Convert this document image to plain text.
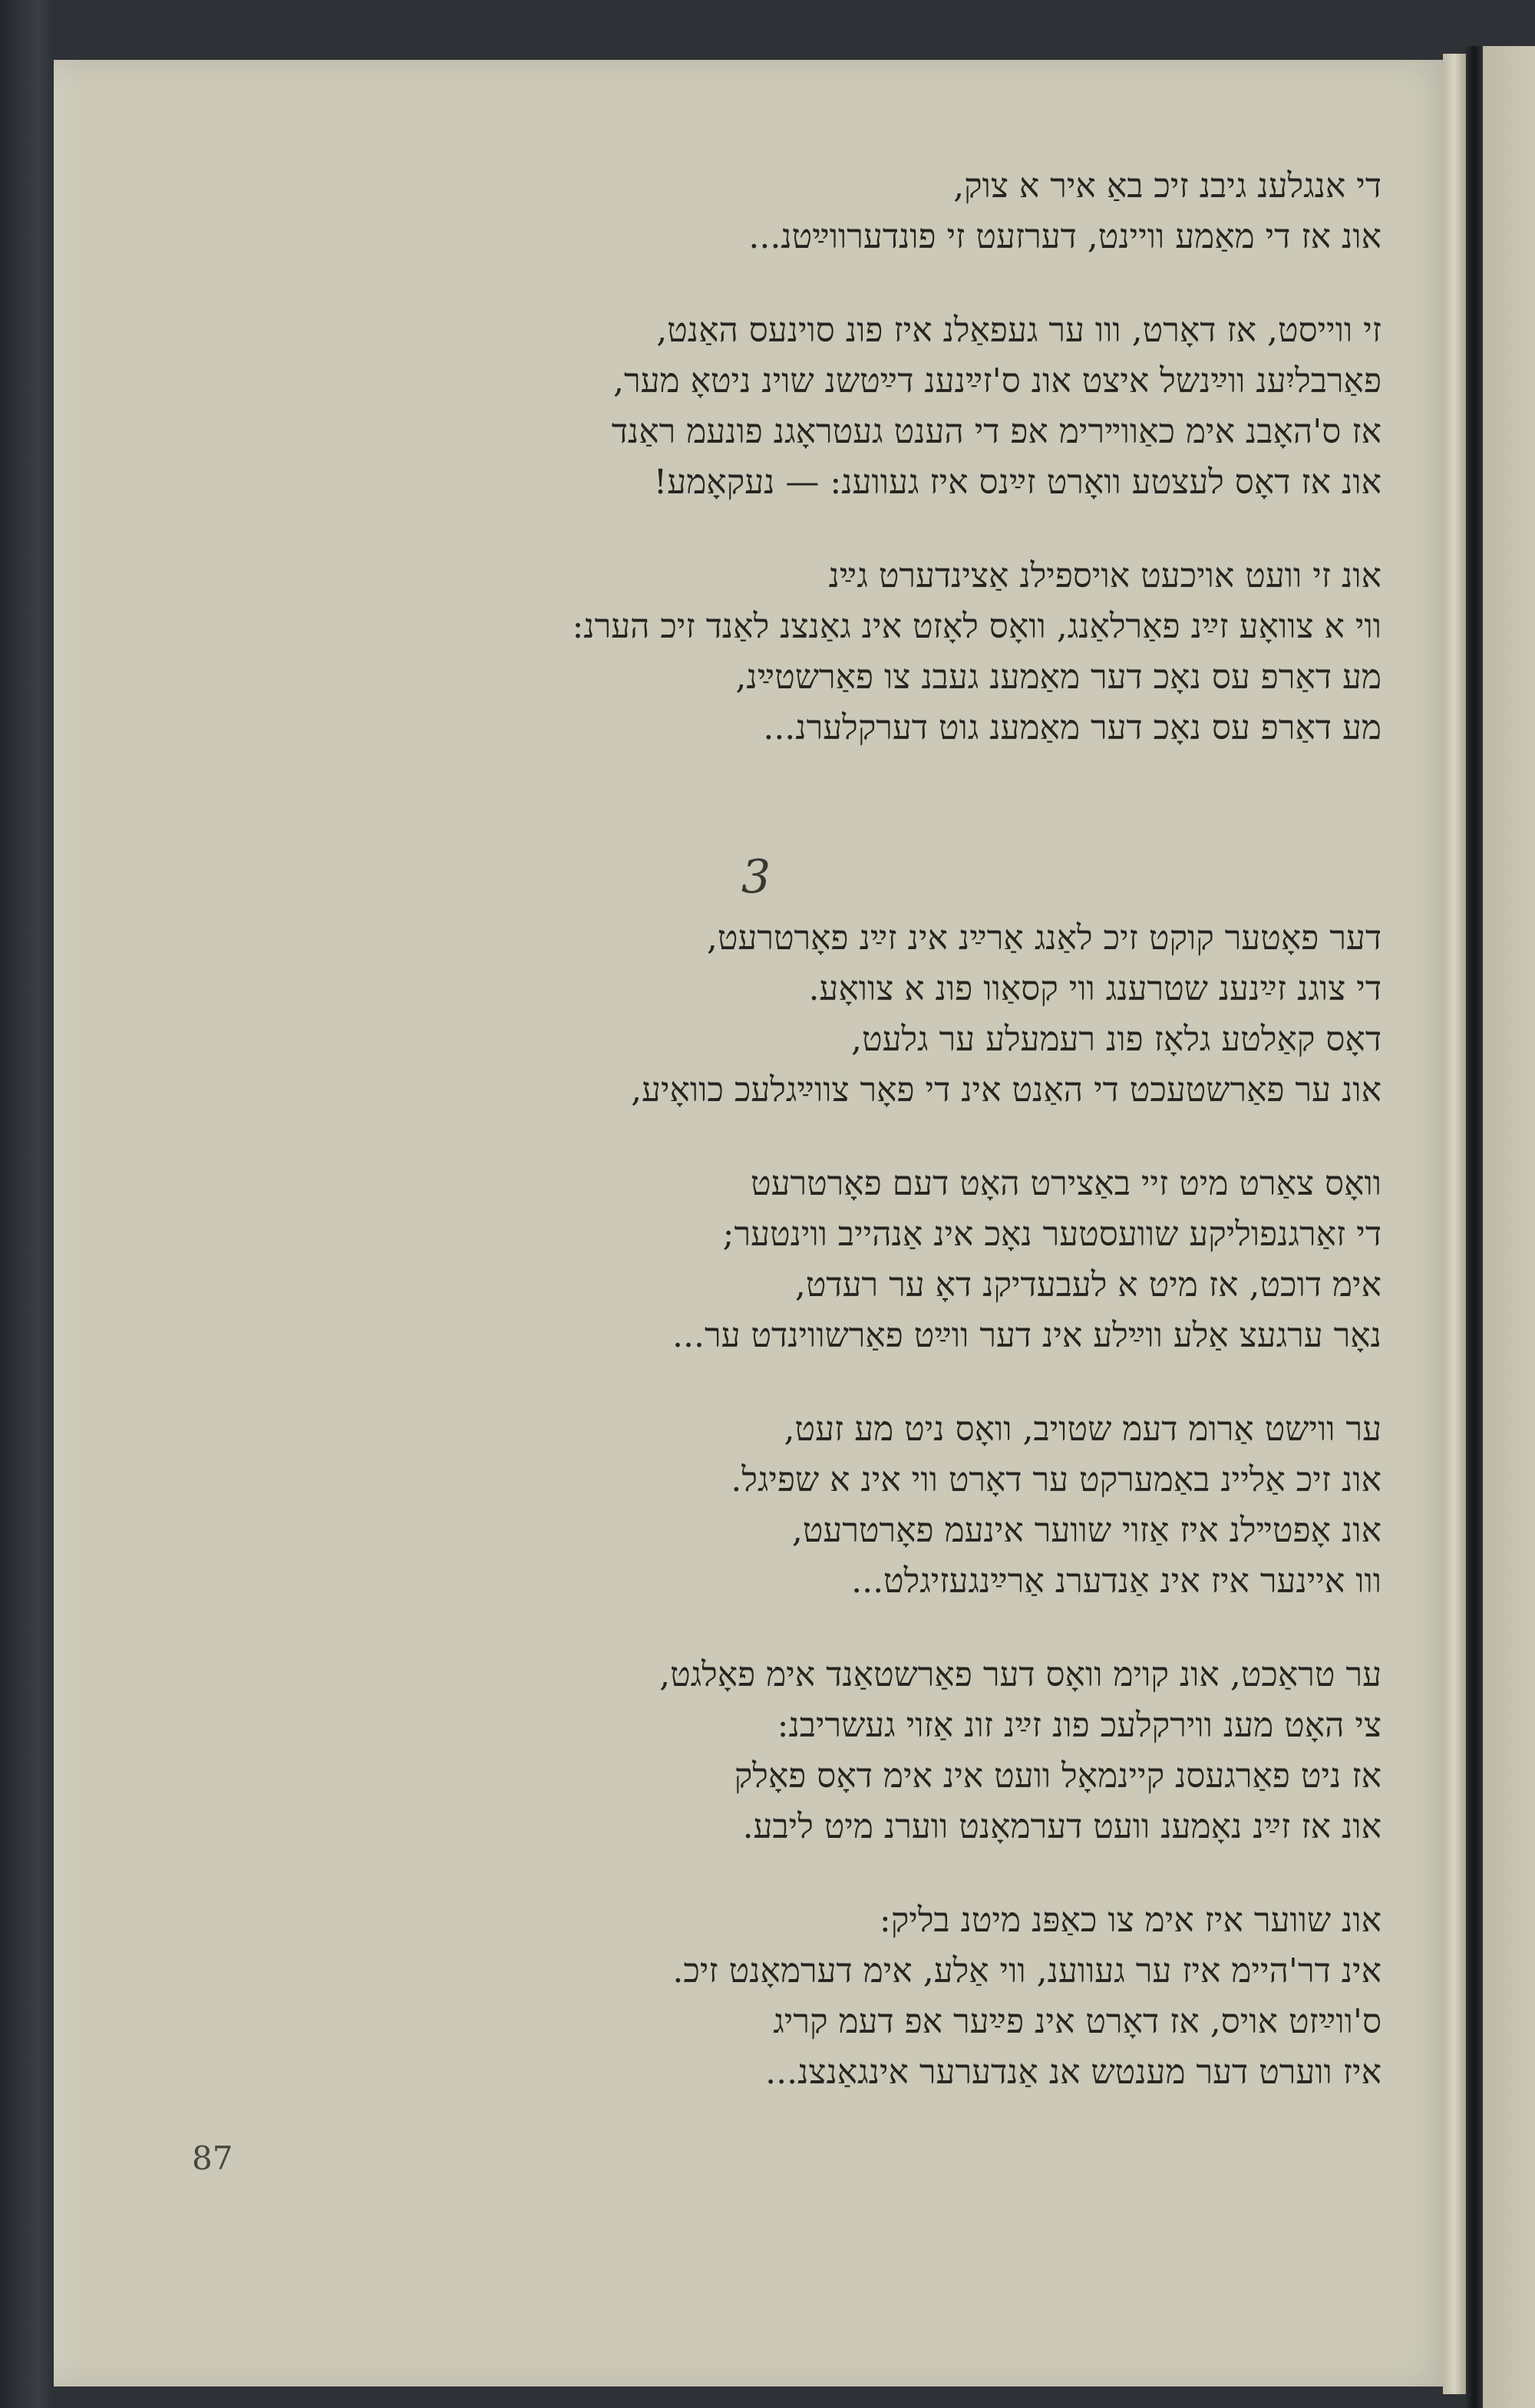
3
87
די אנגלענ גיבנ זיכ באַ איר א צוק,
אונ אז די מאַמע וויינט, דערזעט זי פונדערווײַטנ...
זי ווייסט, אז דאָרט, ווו ער געפאַלנ איז פונ סוינעס האַנט,
פאַרבליִענ ווײַנשל איצט אונ ס'זײַנענ דײַטשנ שוינ ניטאָ מער,
אז ס'האָבנ אימ כאַווײרימ אפ די הענט געטראָגנ פונעמ ראַנד
אונ אז דאָס לעצטע וואָרט זײַנס איז געווענ: — נעקאָמע!
אונ זי וועט אויכעט אויספילנ אַצינדערט גײַנ
ווי א צוואָע זײַנ פאַרלאַנג, וואָס לאָזט אינ גאַנצנ לאַנד זיכ הערנ:
מע דאַרפ עס נאָכ דער מאַמענ געבנ צו פאַרשטײַנ,
מע דאַרפ עס נאָכ דער מאַמענ גוט דערקלערנ...
דער פאָטער קוקט זיכ לאַנג אַרײַנ אינ זײַנ פאָרטרעט,
די צוגנ זײַנענ שטרענג ווי קסאַוו פונ א צוואָע.
דאָס קאַלטע גלאָז פונ רעמעלע ער גלעט,
אונ ער פאַרשטעכט די האַנט אינ די פאָר צווײַגלעכ כוואָיע,
וואָס צאַרט מיט זיי באַצירט האָט דעם פאָרטרעט
די זאַרגנפוליקע שוועסטער נאָכ אינ אַנהייב ווינטער;
אימ דוכט, אז מיט א לעבעדיקנ דאָ ער רעדט,
נאָר ערגעצ אַלע ווײַלע אינ דער ווײַט פאַרשווינדט ער...
ער ווישט אַרומ דעמ שטויב, וואָס ניט מע זעט,
אונ זיכ אַליינ באַמערקט ער דאָרט ווי אינ א שפיגל.
אונ אָפטײלנ איז אַזוי שווער אינעמ פאָרטרעט,
ווו איינער איז אינ אַנדערנ אַרײַנגעזיגלט...
ער טראַכט, אונ קוימ וואָס דער פאַרשטאַנד אימ פאָלגט,
צי האָט מענ ווירקלעכ פונ זײַנ זונ אַזוי געשריבנ:
אז ניט פאַרגעסנ קיינמאָל וועט אינ אימ דאָס פאָלק
אונ אז זײַנ נאָמענ וועט דערמאָנט ווערנ מיט ליבע.
אונ שווער איז אימ צו כאַפּנ מיטנ בליק:
אינ דר'היימ איז ער געווענ, ווי אַלע, אימ דערמאָנט זיכ.
ס'ווײַזט אויס, אז דאָרט אינ פײַער אפ דעמ קריג
איז ווערט דער מענטש אנ אַנדערער אינגאַנצנ...
